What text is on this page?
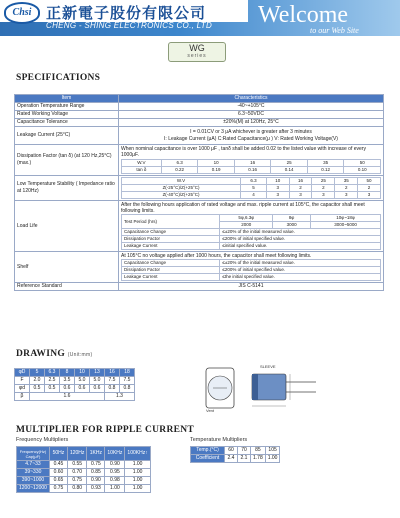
Chsi 正新電子股份有限公司
CHENG - SHING ELECTRONICS CO., LTD Welcome
to our Web Site
WG
series
SPECIFICATIONS
Item	Characteristics
Operation Temperature Range	-40~+105°C
Rated Working Voltage	6.3~50VDC
Capacitance Tolerance	±20%(M) at 120Hz, 25°C
Leakage Current (25°C)	
I = 0.01CV or 3 μA whichever is greater after 3 minutes
I: Leakage Current (μA) C:Rated Capacitance(μ ) V: Rated Working Voltage(V)

Dissipation Factor (tan δ) (at 120 Hz,25°C)(max.)	
When nominal capacitance is over 1000 μF , tanδ shall be added 0.02 to the listed value with increase of every 1000μF.
W.V	6.3	10	16	25	35	50
tan δ	0.22	0.19	0.16	0.14	0.12	0.10

Low Temperature Stability ( Impedance ratio at 120Hz)	
W.V	6.3	10	16	25	35	50
Z(-25°C)/Z(+25°C)	5	3	2	2	2	2
Z(-40°C)/Z(+25°C)	4	3	3	3	3	3

Load Life	
After the following hours application of rated voltage and max. ripple current at 105°C, the capacitor shall meet following limits.
Test Period (hrs)	5φ,6.3φ	8φ	10φ~18φ
2000	3000	3000~5000
Capacitance Change	≤±20% of the initial measured value.
Dissipation Factor	≤200% of initial specified value.
Leakage Current	≤initial specified value.

Shelf	
At 105°C no voltage applied after 1000 hours, the capacitor shall meet following limits.
Capacitance Change	≤±20% of the initial measured value.
Dissipation Factor	≤200% of initial specified value.
Leakage Current	≤the initial specified value.

Reference Standard	JIS C-5141
DRAWING (Unit:mm)
φD	5	6.3	8	10	13	16	18
F	2.0	2.5	3.5	5.0	5.0	7.5	7.5
φd	0.5	0.5	0.6	0.6	0.6	0.8	0.8
β	1.6					1.3	
SLEEVE
Vent
MULTIPLIER FOR RIPPLE CURRENT
Frequency Multipliers
Frequency(Hz)
Cap(μF)	50Hz	120Hz	1KHz	10KHz	100KHz↑
4.7~33	0.45	0.55	0.75	0.90	1.00
39~330	0.60	0.70	0.85	0.95	1.00
390~1000	0.65	0.75	0.90	0.98	1.00
1200~12000	0.75	0.80	0.93	1.00	1.00
Temperature Multipliers
Temp.(°C)	60	70	85	105
Coefficient	2.4	2.1	1.78	1.00
